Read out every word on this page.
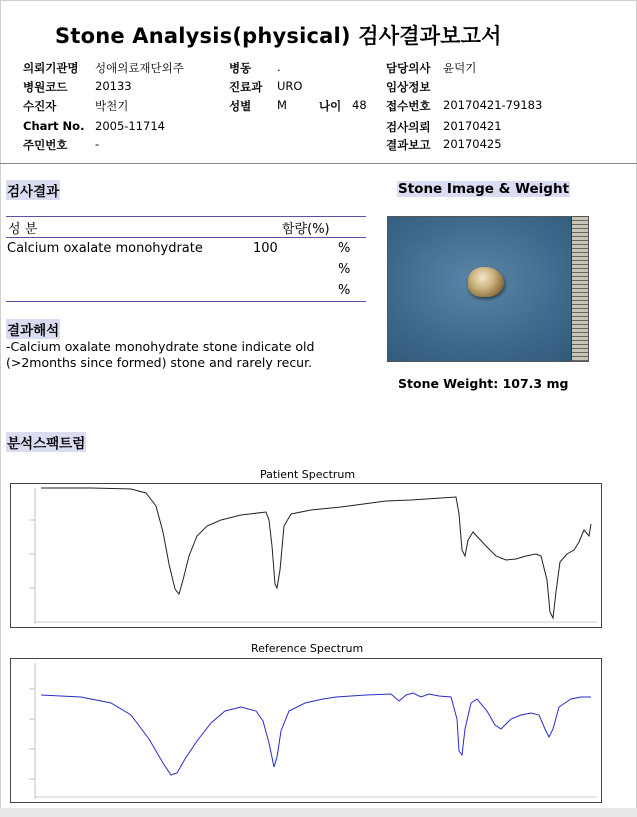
Stone Analysis(physical) 검사결과보고서
의뢰기관명 성애의료재단외주	병동 .	담당의사 윤덕기
병원코드 20133	진료과 URO	임상정보
수진자	박천기	성별 M	나이 48 접수번호 20170421-79183
Chart No. 2005-11714	검사의뢰 20170421
주민번호 -	결과보고 20170425
검사결과
성 분	함량(%)
Calcium oxalate monohydrate	100	%
%
%
결과해석
-Calcium oxalate monohydrate stone indicate old
(>2months since formed) stone and rarely recur.
Stone Image & Weight
Stone Weight: 107.3 mg
분석스팩트럼
Patient Spectrum
Reference Spectrum
